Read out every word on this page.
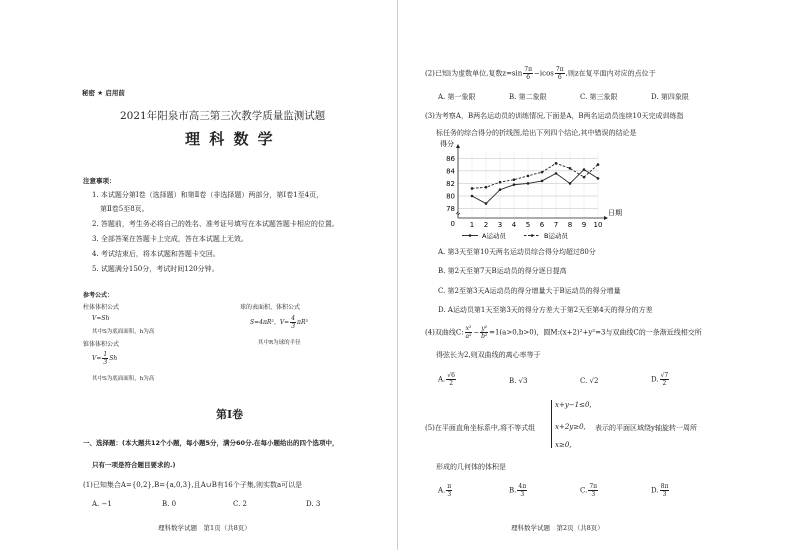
秘密 ★ 启用前
2021年阳泉市高三第三次教学质量监测试题
理 科 数 学
注意事项：
1. 本试题分第Ⅰ卷（选择题）和第Ⅱ卷（非选择题）两部分，第Ⅰ卷1至4页，
第Ⅱ卷5至8页。
2. 答题前，考生务必将自己的姓名、准考证号填写在本试题答题卡相应的位置。
3. 全部答案在答题卡上完成，答在本试题上无效。
4. 考试结束后，将本试题和答题卡交回。
5. 试题满分150分，考试时间120分钟。
参考公式：
柱体体积公式
V=Sh
其中S为底面面积，h为高
锥体体积公式
$V= \frac{1}{3}$ Sh
其中S为底面面积，h为高
球的表面积、体积公式
S=4πR²，$V= \frac{4}{3} \pi R^3$
其中R为球的半径
第Ⅰ卷
一、选择题：(本大题共12个小题，每小题5分，满分60分.在每小题给出的四个选项中，
只有一项是符合题目要求的.)
(1)已知集合A={0,2},B={a,0,3},且A∪B有16个子集,则实数a可以是
A. −1	B. 0	C. 2	D. 3
理科数学试题　第1页（共8页）
(2)已知i为虚数单位,复数$z=\sin \frac{7\pi}{6} -icos \frac{7\pi}{6}$ ,则z在复平面内对应的点位于
A. 第一象限	B. 第二象限	C. 第三象限	D. 第四象限
(3)为考察A，B两名运动员的训练情况,下面是A，B两名运动员连续10天完成训练指
标任务的综合得分的折线图,给出下列四个结论,其中错误的结论是
78
80
82
84
86
0 1 2 3 4 5 6 7 8 9 10
得分
日期
A运动员	B运动员
A. 第3天至第10天两名运动员综合得分均超过80分
B. 第2天至第7天B运动员的得分逐日提高
C. 第2至第3天A运动员的得分增量大于B运动员的得分增量
D. A运动员第1天至第3天的得分方差大于第2天至第4天的得分的方差
(4)双曲线C: $\frac{\text{x²}}{\text{a²}} - \frac{\text{y²}}{\text{b²}} =1(a>0,b>0)$，圆M:(x+2)²+y²=3与双曲线C的一条渐近线相交所
得弦长为2,则双曲线的离心率等于
A. $\frac{√6}{2}$	B. √3	C. √2	D. $\frac{√7}{2}$
(5)在平面直角坐标系中,将不等式组
x+y−1≤0,
x+2y≥0,
x≥0,
表示的平面区域绕y轴旋转一周所
形成的几何体的体积是
A. $\frac{\pi}{3}$	B. $\frac{4\pi}{3}$	C. $\frac{7\pi}{3}$	D. $\frac{8\pi}{3}$
理科数学试题　第2页（共8页）
